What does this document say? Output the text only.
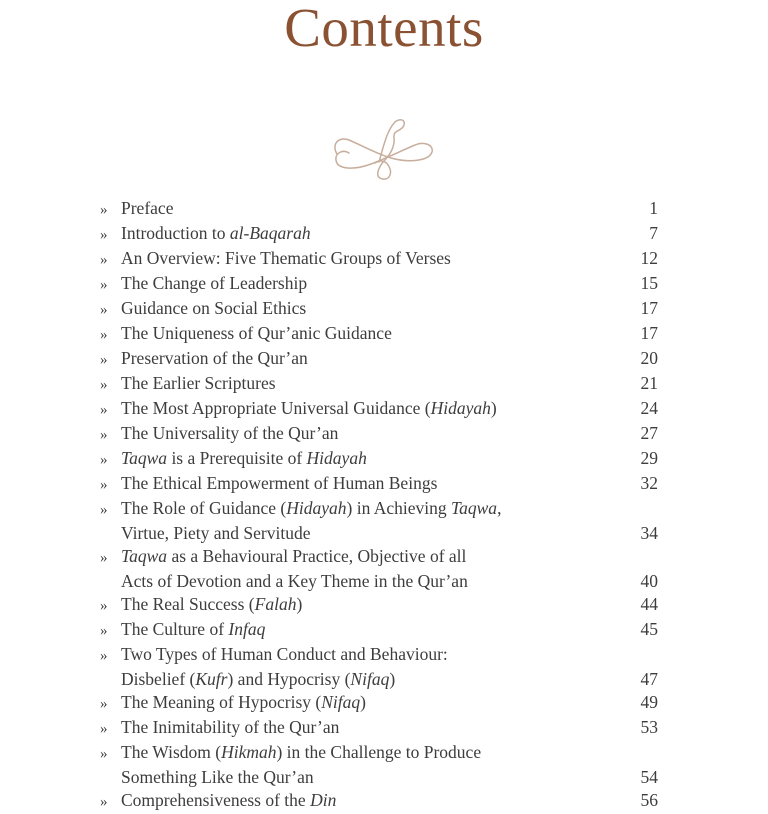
Contents
» Preface	1
» Introduction to al-Baqarah	7
» An Overview: Five Thematic Groups of Verses	12
» The Change of Leadership	15
» Guidance on Social Ethics	17
» The Uniqueness of Qur’anic Guidance	17
» Preservation of the Qur’an	20
» The Earlier Scriptures	21
» The Most Appropriate Universal Guidance (Hidayah)	24
» The Universality of the Qur’an	27
» Taqwa is a Prerequisite of Hidayah	29
» The Ethical Empowerment of Human Beings	32
» The Role of Guidance (Hidayah) in Achieving Taqwa,
Virtue, Piety and Servitude	34
» Taqwa as a Behavioural Practice, Objective of all
Acts of Devotion and a Key Theme in the Qur’an	40
» The Real Success (Falah)	44
» The Culture of Infaq	45
» Two Types of Human Conduct and Behaviour:
Disbelief (Kufr) and Hypocrisy (Nifaq)	47
» The Meaning of Hypocrisy (Nifaq)	49
» The Inimitability of the Qur’an	53
» The Wisdom (Hikmah) in the Challenge to Produce
Something Like the Qur’an	54
» Comprehensiveness of the Din	56
